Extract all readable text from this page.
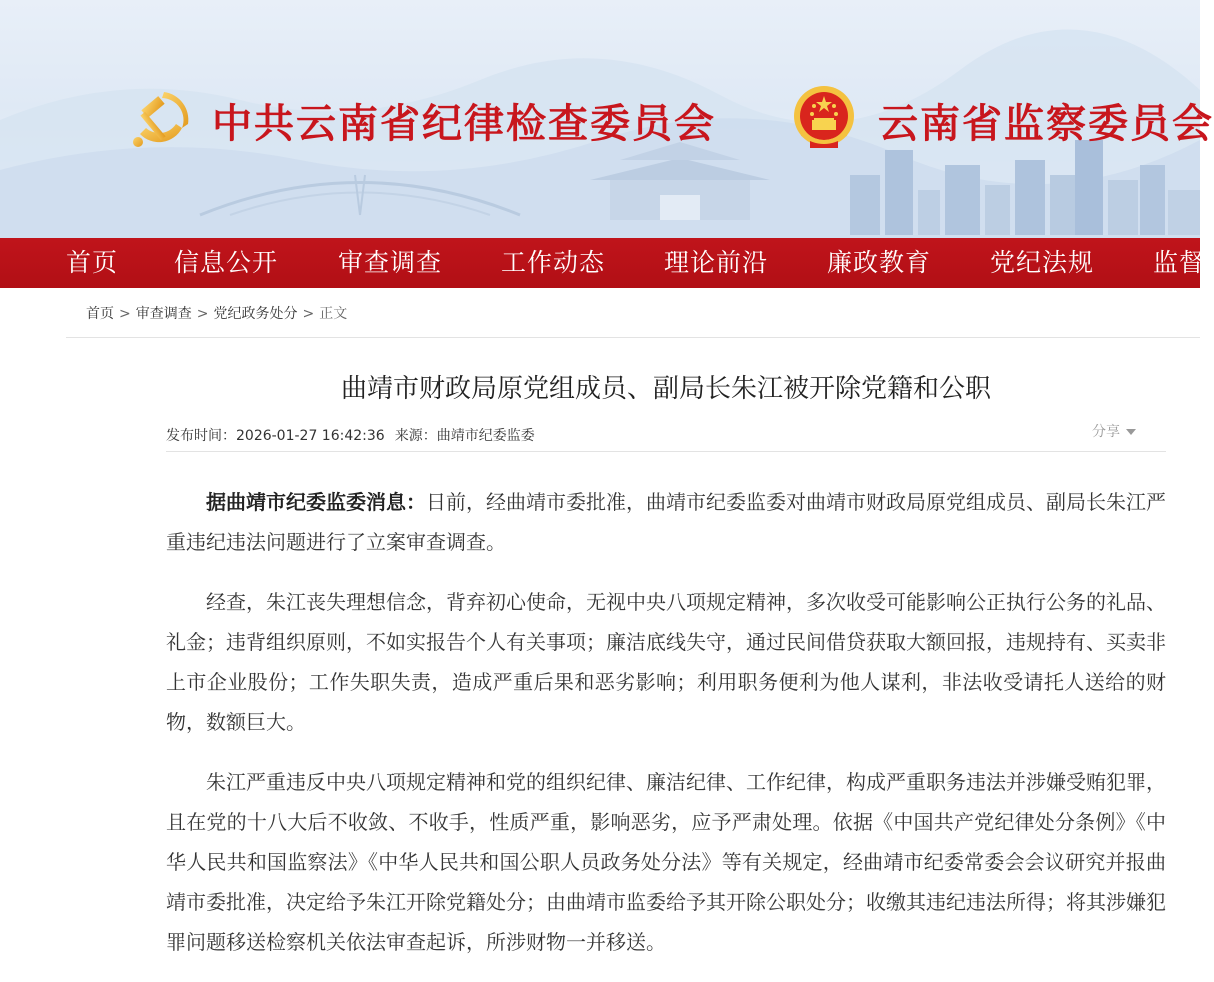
中共云南省纪律检查委员会	云南省监察委员会
首页 信息公开 审查调查 工作动态 理论前沿 廉政教育 党纪法规 监督
首页 > 审查调查 > 党纪政务处分 > 正文
曲靖市财政局原党组成员、副局长朱江被开除党籍和公职
发布时间：2026-01-27 16:42:36 来源：曲靖市纪委监委	分享

据曲靖市纪委监委消息：日前，经曲靖市委批准，曲靖市纪委监委对曲靖市财政局原党组成员、副局长朱江严重违纪违法问题进行了立案审查调查。

经查，朱江丧失理想信念，背弃初心使命，无视中央八项规定精神，多次收受可能影响公正执行公务的礼品、礼金；违背组织原则，不如实报告个人有关事项；廉洁底线失守，通过民间借贷获取大额回报，违规持有、买卖非上市企业股份；工作失职失责，造成严重后果和恶劣影响；利用职务便利为他人谋利，非法收受请托人送给的财物，数额巨大。

朱江严重违反中央八项规定精神和党的组织纪律、廉洁纪律、工作纪律，构成严重职务违法并涉嫌受贿犯罪，且在党的十八大后不收敛、不收手，性质严重，影响恶劣，应予严肃处理。依据《中国共产党纪律处分条例》《中华人民共和国监察法》《中华人民共和国公职人员政务处分法》等有关规定，经曲靖市纪委常委会会议研究并报曲靖市委批准，决定给予朱江开除党籍处分；由曲靖市监委给予其开除公职处分；收缴其违纪违法所得；将其涉嫌犯罪问题移送检察机关依法审查起诉，所涉财物一并移送。
